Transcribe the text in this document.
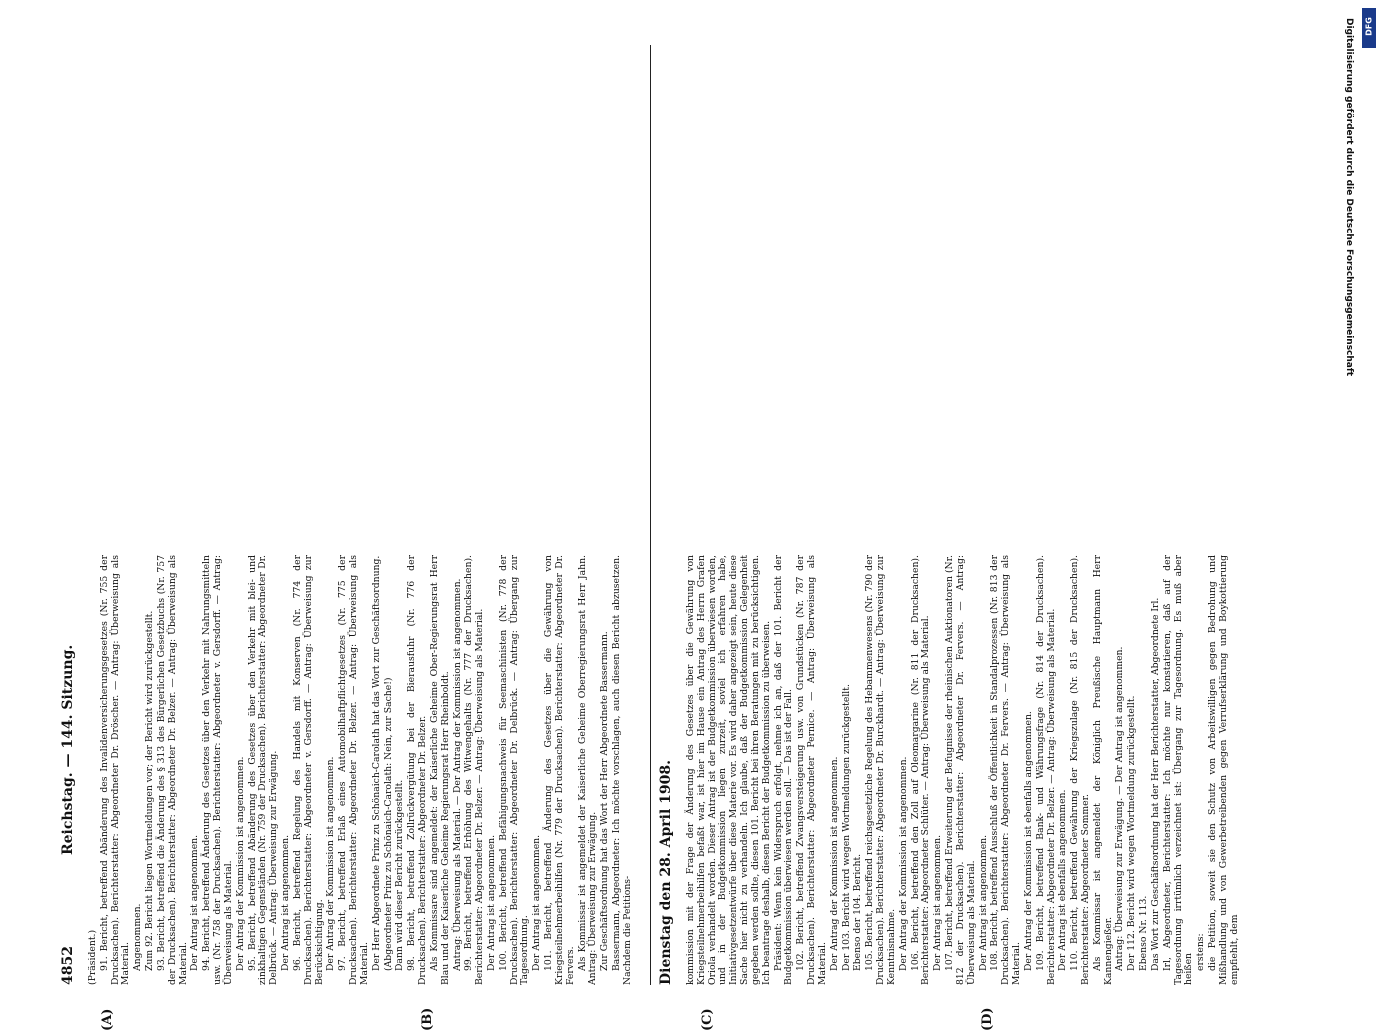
4852
Reichstag. — 144. Sitzung.

(Präsident.) 91. Bericht, betreffend Abänderung des Invalidenversicherungsgesetzes (Nr. 755 der Drucksachen). Berichterstatter: Abgeordneter Dr. Dröscher. — Antrag: Überweisung als Material. Angenommen. Zum 92. Bericht liegen Wortmeldungen vor; der Bericht wird zurückgestellt. 93. Bericht, betreffend die Änderung des § 313 des Bürgerlichen Gesetzbuchs (Nr. 757 der Drucksachen). Berichterstatter: Abgeordneter Dr. Belzer. — Antrag: Überweisung als Material. Der Antrag ist angenommen. 94. Bericht, betreffend Änderung des Gesetzes über den Verkehr mit Nahrungsmitteln usw. (Nr. 758 der Drucksachen). Berichterstatter: Abgeordneter v. Gersdorff. — Antrag: Überweisung als Material. Der Antrag der Kommission ist angenommen. 95. Bericht, betreffend Abänderung des Gesetzes über den Verkehr mit blei- und zinkhaltigen Gegenständen (Nr. 759 der Drucksachen). Berichterstatter: Abgeordneter Dr. Delbrück. — Antrag: Überweisung zur Erwägung. Der Antrag ist angenommen. 96. Bericht, betreffend Regelung des Handels mit Konserven (Nr. 774 der Drucksachen). Berichterstatter: Abgeordneter v. Gersdorff. — Antrag: Überweisung zur Berücksichtigung. Der Antrag der Kommission ist angenommen. 97. Bericht, betreffend Erlaß eines Automobilhaftpflichtgesetzes (Nr. 775 der Drucksachen). Berichterstatter: Abgeordneter Dr. Belzer. — Antrag: Überweisung als Material. Der Herr Abgeordnete Prinz zu Schönaich-Carolath hat das Wort zur Geschäftsordnung. (Abgeordneter Prinz zu Schönaich-Carolath: Nein, zur Sache!) Dann wird dieser Bericht zurückgestellt. 98. Bericht, betreffend Zollrückvergütung bei der Bierausfuhr (Nr. 776 der Drucksachen). Berichterstatter: Abgeordneter Dr. Belzer. Als Kommissare sind angemeldet: der Kaiserliche Geheime Ober-Regierungsrat Herr Blau und der Kaiserliche Geheime Regierungsrat Herr Rheinboldt. Antrag: Überweisung als Material. — Der Antrag der Kommission ist angenommen. 99. Bericht, betreffend Erhöhung des Witwengehalts (Nr. 777 der Drucksachen). Berichterstatter: Abgeordneter Dr. Belzer. — Antrag: Überweisung als Material. Der Antrag ist angenommen. 100. Bericht, betreffend Befähigungsnachweis für Seemaschinisten (Nr. 778 der Drucksachen). Berichterstatter: Abgeordneter Dr. Delbrück. — Antrag: Übergang zur Tagesordnung. Der Antrag ist angenommen. 101. Bericht, betreffend Änderung des Gesetzes über die Gewährung von Kriegsteilnehmerbeihilfen (Nr. 779 der Drucksachen). Berichterstatter: Abgeordneter Dr. Fervers. Als Kommissar ist angemeldet der Kaiserliche Geheime Oberregierungsrat Herr Jahn. Antrag: Überweisung zur Erwägung. Zur Geschäftsordnung hat das Wort der Herr Abgeordnete Bassermann. Bassermann, Abgeordneter: Ich möchte vorschlagen, auch diesen Bericht abzusetzen. Nachdem die Petitions- Dienstag den 28. April 1908. kommission mit der Frage der Änderung des Gesetzes über die Gewährung von Kriegsteilnehmerbeihilfen befaßt war, ist hier im Hause ein Antrag des Herrn Grafen Oriola verhandelt worden. Dieser Antrag ist der Budgetkommission überwiesen worden, und in der Budgetkommission liegen zurzeit, soviel ich erfahren habe, Initiativgesetzentwürfe über diese Materie vor. Es wird daher angezeigt sein, heute diese Sache hier nicht zu verhandeln. Ich glaube, daß der Budgetkommission Gelegenheit gegeben werden sollte, diesen 101. Bericht bei ihren Beratungen mit zu berücksichtigen. Ich beantrage deshalb, diesen Bericht der Budgetkommission zu überweisen. Präsident: Wenn kein Widerspruch erfolgt, nehme ich an, daß der 101. Bericht der Budgetkommission überwiesen werden soll. — Das ist der Fall. 102. Bericht, betreffend Zwangsversteigerung usw. von Grundstücken (Nr. 787 der Drucksachen). Berichterstatter: Abgeordneter Pernice. — Antrag: Überweisung als Material. Der Antrag der Kommission ist angenommen. Der 103. Bericht wird wegen Wortmeldungen zurückgestellt. Ebenso der 104. Bericht. 105. Bericht, betreffend reichsgesetzliche Regelung des Hebammenwesens (Nr. 790 der Drucksachen). Berichterstatter: Abgeordneter Dr. Burckhardt. — Antrag: Überweisung zur Kenntnisnahme. Der Antrag der Kommission ist angenommen. 106. Bericht, betreffend den Zoll auf Oleomargarine (Nr. 811 der Drucksachen). Berichterstatter: Abgeordneter Schlüter. — Antrag: Überweisung als Material. Der Antrag ist angenommen. 107. Bericht, betreffend Erweiterung der Befugnisse der rheinischen Auktionatoren (Nr. 812 der Drucksachen). Berichterstatter: Abgeordneter Dr. Fervers. — Antrag: Überweisung als Material. Der Antrag ist angenommen. 108. Bericht, betreffend Ausschluß der Öffentlichkeit in Standalprozessen (Nr. 813 der Drucksachen). Berichterstatter: Abgeordneter Dr. Fervers. — Antrag: Überweisung als Material. Der Antrag der Kommission ist ebenfalls angenommen. 109. Bericht, betreffend Bank- und Währungsfrage (Nr. 814 der Drucksachen). Berichterstatter: Abgeordneter Dr. Belzer. — Antrag: Überweisung als Material. Der Antrag ist ebenfalls angenommen. 110. Bericht, betreffend Gewährung der Kriegszulage (Nr. 815 der Drucksachen). Berichterstatter: Abgeordneter Sommer. Als Kommissar ist angemeldet der Königlich Preußische Hauptmann Herr Kannengießer. Antrag: Überweisung zur Erwägung. — Der Antrag ist angenommen. Der 112. Bericht wird wegen Wortmeldung zurückgestellt. Ebenso Nr. 113. Das Wort zur Geschäftsordnung hat der Herr Berichterstatter, Abgeordnete Irl. Irl, Abgeordneter, Berichterstatter: Ich möchte nur konstatieren, daß auf der Tagesordnung irrtümlich verzeichnet ist: Übergang zur Tagesordnung. Es muß aber heißen erstens: die Petition, soweit sie den Schutz von Arbeitswilligen gegen Bedrohung und Mißhandlung und von Gewerbetreibenden gegen Verrufserklärung und Boykottierung empfiehlt, dem

(A)	(B)	(C)	(D)
Digitalisierung gefördert durch die Deutsche Forschungsgemeinschaft DFG
